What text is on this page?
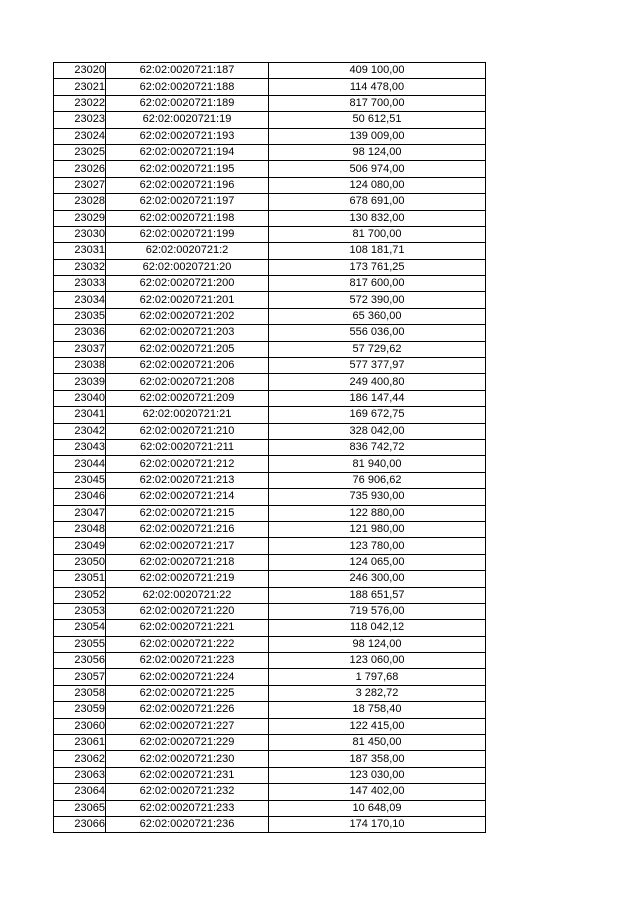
23020	62:02:0020721:187	409 100,00
23021	62:02:0020721:188	114 478,00
23022	62:02:0020721:189	817 700,00
23023	62:02:0020721:19	50 612,51
23024	62:02:0020721:193	139 009,00
23025	62:02:0020721:194	98 124,00
23026	62:02:0020721:195	506 974,00
23027	62:02:0020721:196	124 080,00
23028	62:02:0020721:197	678 691,00
23029	62:02:0020721:198	130 832,00
23030	62:02:0020721:199	81 700,00
23031	62:02:0020721:2	108 181,71
23032	62:02:0020721:20	173 761,25
23033	62:02:0020721:200	817 600,00
23034	62:02:0020721:201	572 390,00
23035	62:02:0020721:202	65 360,00
23036	62:02:0020721:203	556 036,00
23037	62:02:0020721:205	57 729,62
23038	62:02:0020721:206	577 377,97
23039	62:02:0020721:208	249 400,80
23040	62:02:0020721:209	186 147,44
23041	62:02:0020721:21	169 672,75
23042	62:02:0020721:210	328 042,00
23043	62:02:0020721:211	836 742,72
23044	62:02:0020721:212	81 940,00
23045	62:02:0020721:213	76 906,62
23046	62:02:0020721:214	735 930,00
23047	62:02:0020721:215	122 880,00
23048	62:02:0020721:216	121 980,00
23049	62:02:0020721:217	123 780,00
23050	62:02:0020721:218	124 065,00
23051	62:02:0020721:219	246 300,00
23052	62:02:0020721:22	188 651,57
23053	62:02:0020721:220	719 576,00
23054	62:02:0020721:221	118 042,12
23055	62:02:0020721:222	98 124,00
23056	62:02:0020721:223	123 060,00
23057	62:02:0020721:224	1 797,68
23058	62:02:0020721:225	3 282,72
23059	62:02:0020721:226	18 758,40
23060	62:02:0020721:227	122 415,00
23061	62:02:0020721:229	81 450,00
23062	62:02:0020721:230	187 358,00
23063	62:02:0020721:231	123 030,00
23064	62:02:0020721:232	147 402,00
23065	62:02:0020721:233	10 648,09
23066	62:02:0020721:236	174 170,10
